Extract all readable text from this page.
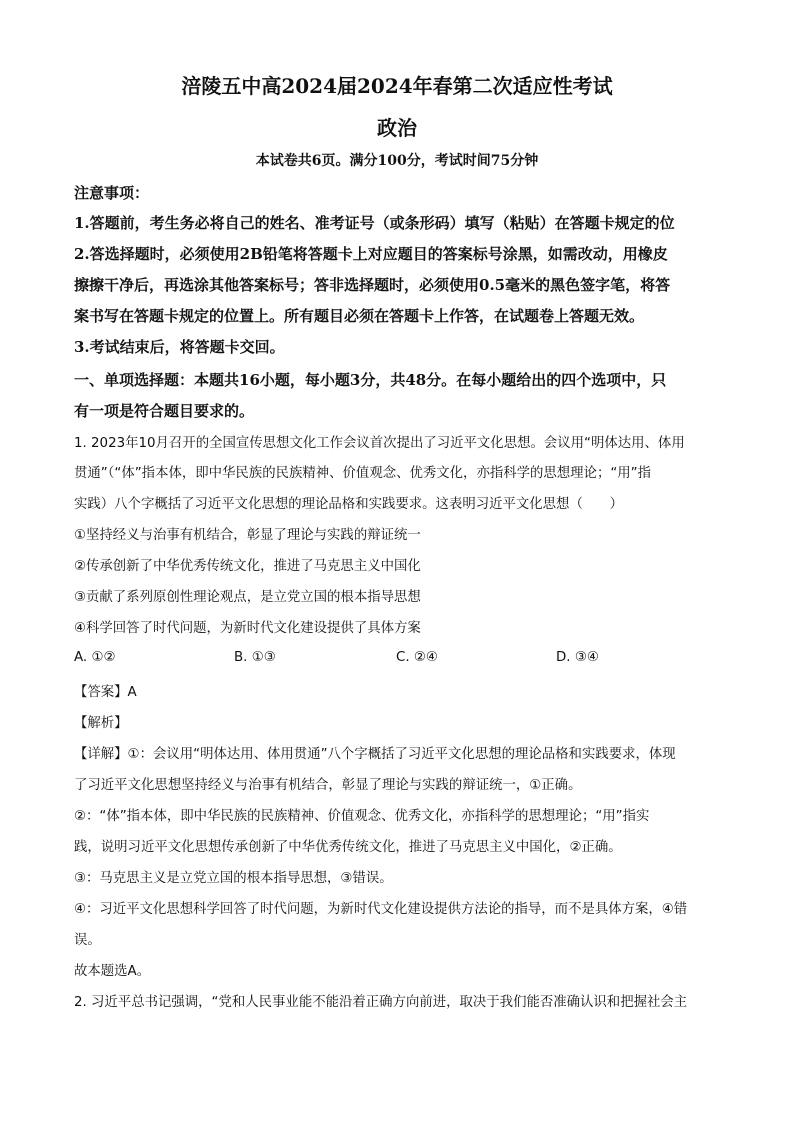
涪陵五中高2024届2024年春第二次适应性考试
政治
本试卷共6页。满分100分，考试时间75分钟
注意事项：
1.答题前，考生务必将自己的姓名、准考证号（或条形码）填写（粘贴）在答题卡规定的位
2.答选择题时，必须使用2B铅笔将答题卡上对应题目的答案标号涂黑，如需改动，用橡皮
擦擦干净后，再选涂其他答案标号；答非选择题时，必须使用0.5毫米的黑色签字笔，将答
案书写在答题卡规定的位置上。所有题目必须在答题卡上作答，在试题卷上答题无效。
3.考试结束后，将答题卡交回。
一、单项选择题：本题共16小题，每小题3分，共48分。在每小题给出的四个选项中，只
有一项是符合题目要求的。
1. 2023年10月召开的全国宣传思想文化工作会议首次提出了习近平文化思想。会议用“明体达用、体用
贯通”（“体”指本体，即中华民族的民族精神、价值观念、优秀文化，亦指科学的思想理论；“用”指
实践）八个字概括了习近平文化思想的理论品格和实践要求。这表明习近平文化思想（　　）
①坚持经义与治事有机结合，彰显了理论与实践的辩证统一
②传承创新了中华优秀传统文化，推进了马克思主义中国化
③贡献了系列原创性理论观点，是立党立国的根本指导思想
④科学回答了时代问题，为新时代文化建设提供了具体方案
A. ①②	B. ①③	C. ②④	D. ③④
【答案】A
【解析】
【详解】①：会议用“明体达用、体用贯通”八个字概括了习近平文化思想的理论品格和实践要求，体现
了习近平文化思想坚持经义与治事有机结合，彰显了理论与实践的辩证统一，①正确。
②：“体”指本体，即中华民族的民族精神、价值观念、优秀文化，亦指科学的思想理论；“用”指实
践，说明习近平文化思想传承创新了中华优秀传统文化，推进了马克思主义中国化，②正确。
③：马克思主义是立党立国的根本指导思想，③错误。
④：习近平文化思想科学回答了时代问题，为新时代文化建设提供方法论的指导，而不是具体方案，④错
误。
故本题选A。
2. 习近平总书记强调，“党和人民事业能不能沿着正确方向前进，取决于我们能否准确认识和把握社会主
